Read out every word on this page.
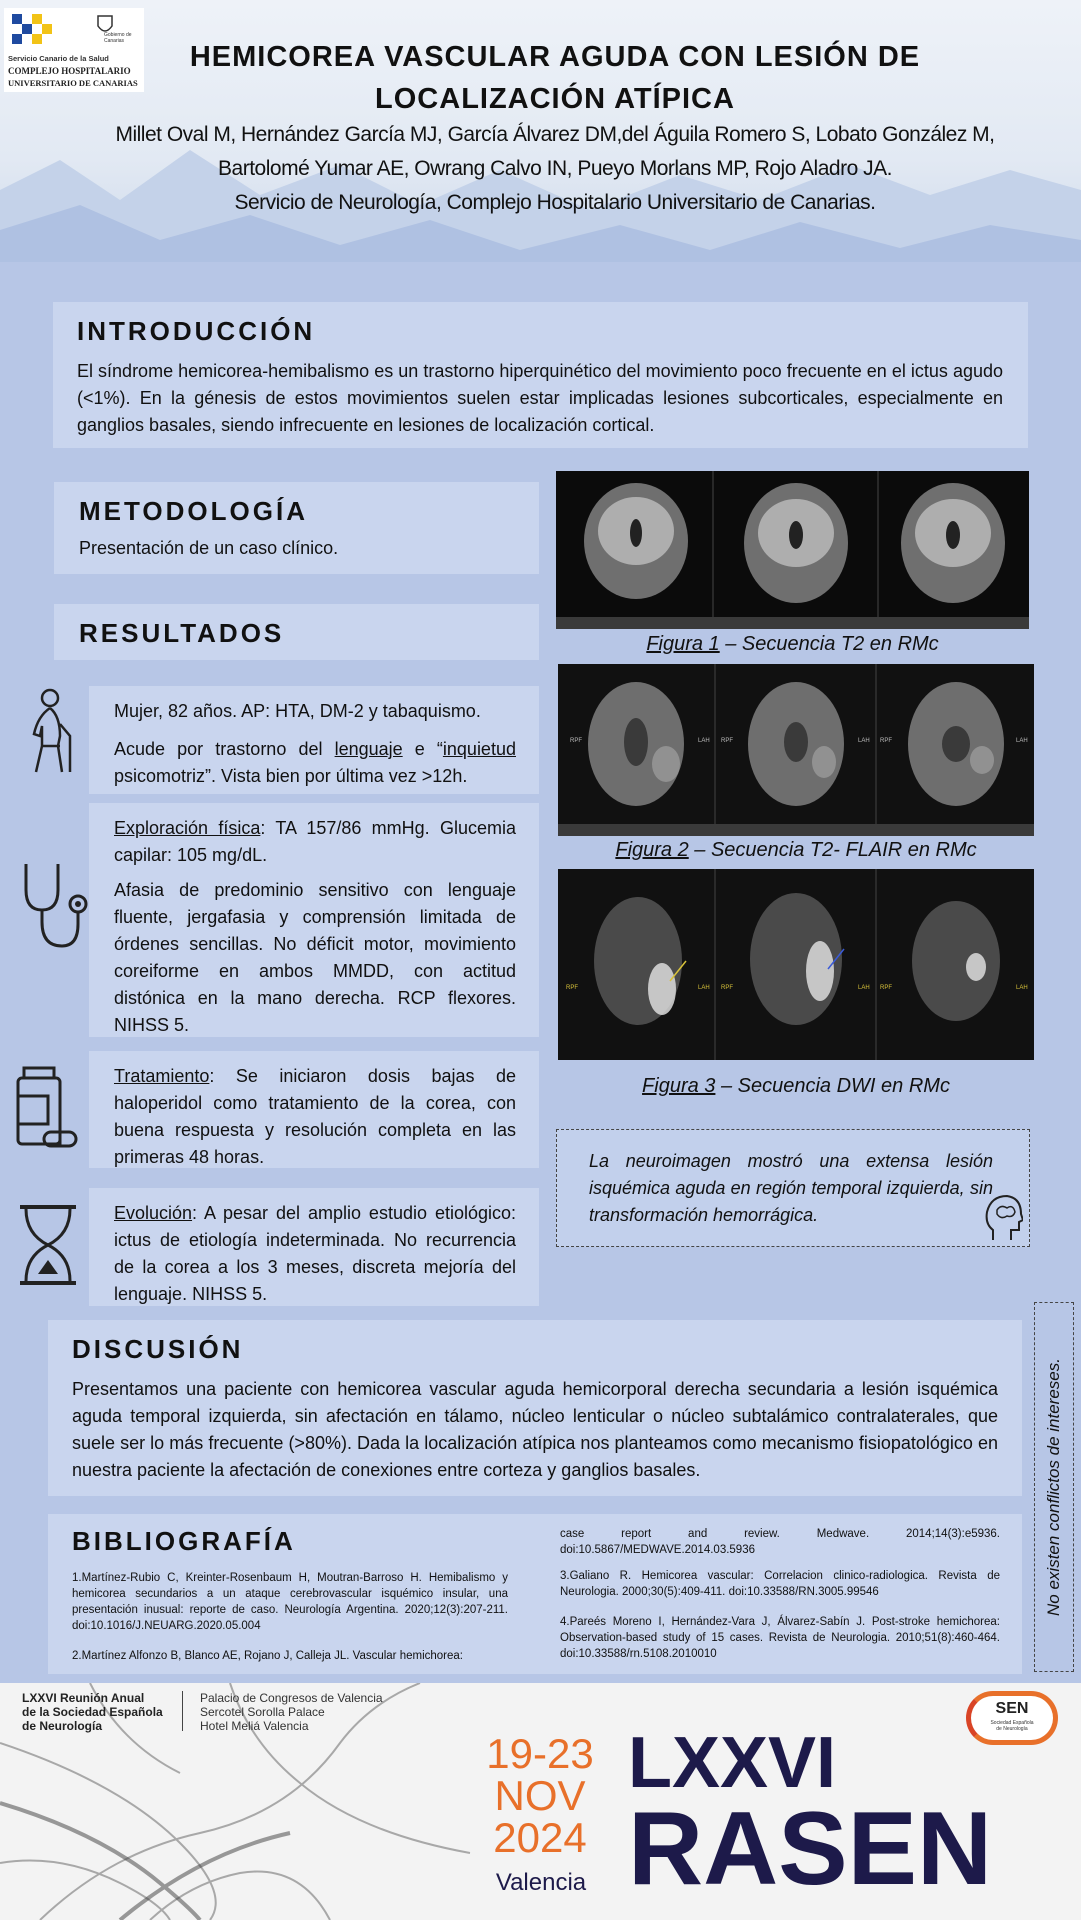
Gobierno de Canarias
Servicio Canario de la Salud
COMPLEJO HOSPITALARIO
UNIVERSITARIO DE CANARIAS
HEMICOREA VASCULAR AGUDA CON LESIÓN DE
LOCALIZACIÓN ATÍPICA
Millet Oval M, Hernández García MJ, García Álvarez DM,del Águila Romero S, Lobato González M,
Bartolomé Yumar AE, Owrang Calvo IN, Pueyo Morlans MP, Rojo Aladro JA.
Servicio de Neurología, Complejo Hospitalario Universitario de Canarias.
INTRODUCCIÓN
El síndrome hemicorea-hemibalismo es un trastorno hiperquinético del movimiento poco frecuente en el ictus agudo (<1%). En la génesis de estos movimientos suelen estar implicadas lesiones subcorticales, especialmente en ganglios basales, siendo infrecuente en lesiones de localización cortical.
METODOLOGÍA
Presentación de un caso clínico.
RESULTADOS
Mujer, 82 años. AP: HTA, DM-2 y tabaquismo.
Acude por trastorno del lenguaje e “inquietud psicomotriz”. Vista bien por última vez >12h.
Exploración física: TA 157/86 mmHg. Glucemia capilar: 105 mg/dL.
Afasia de predominio sensitivo con lenguaje fluente, jergafasia y comprensión limitada de órdenes sencillas. No déficit motor, movimiento coreiforme en ambos MMDD, con actitud distónica en la mano derecha. RCP flexores. NIHSS 5.
Tratamiento: Se iniciaron dosis bajas de haloperidol como tratamiento de la corea, con buena respuesta y resolución completa en las primeras 48 horas.
Evolución: A pesar del amplio estudio etiológico: ictus de etiología indeterminada. No recurrencia de la corea a los 3 meses, discreta mejoría del lenguaje. NIHSS 5.
Figura 1 – Secuencia T2 en RMc
RPF	LAH RPF	LAH RPF	LAH
Figura 2 – Secuencia T2- FLAIR en RMc
RPF	LAH RPF	LAH RPF	LAH
Figura 3 – Secuencia DWI en RMc
La neuroimagen mostró una extensa lesión isquémica aguda en región temporal izquierda, sin transformación hemorrágica.
DISCUSIÓN
Presentamos una paciente con hemicorea vascular aguda hemicorporal derecha secundaria a lesión isquémica aguda temporal izquierda, sin afectación en tálamo, núcleo lenticular o núcleo subtalámico contralaterales, que suele ser lo más frecuente (>80%). Dada la localización atípica nos planteamos como mecanismo fisiopatológico en nuestra paciente la afectación de conexiones entre corteza y ganglios basales.	No existen conflictos de intereses.
BIBLIOGRAFÍA
1.Martínez-Rubio C, Kreinter-Rosenbaum H, Moutran-Barroso H. Hemibalismo y hemicorea secundarios a un ataque cerebrovascular isquémico insular, una presentación inusual: reporte de caso. Neurología Argentina. 2020;12(3):207-211. doi:10.1016/J.NEUARG.2020.05.004
2.Martínez Alfonzo B, Blanco AE, Rojano J, Calleja JL. Vascular hemichorea:
case report and review. Medwave. 2014;14(3):e5936. doi:10.5867/MEDWAVE.2014.03.5936
3.Galiano R. Hemicorea vascular: Correlacion clinico-radiologica. Revista de Neurologia. 2000;30(5):409-411. doi:10.33588/RN.3005.99546
4.Pareés Moreno I, Hernández-Vara J, Álvarez-Sabín J. Post-stroke hemichorea: Observation-based study of 15 cases. Revista de Neurologia. 2010;51(8):460-464. doi:10.33588/rn.5108.2010010
LXXVI Reunión Anual
de la Sociedad Española
de Neurología
Palacio de Congresos de Valencia
Sercotel Sorolla Palace
Hotel Meliá Valencia
19-23
NOV
2024
Valencia
LXXVI
RASEN
SEN
Sociedad Española
de Neurología
